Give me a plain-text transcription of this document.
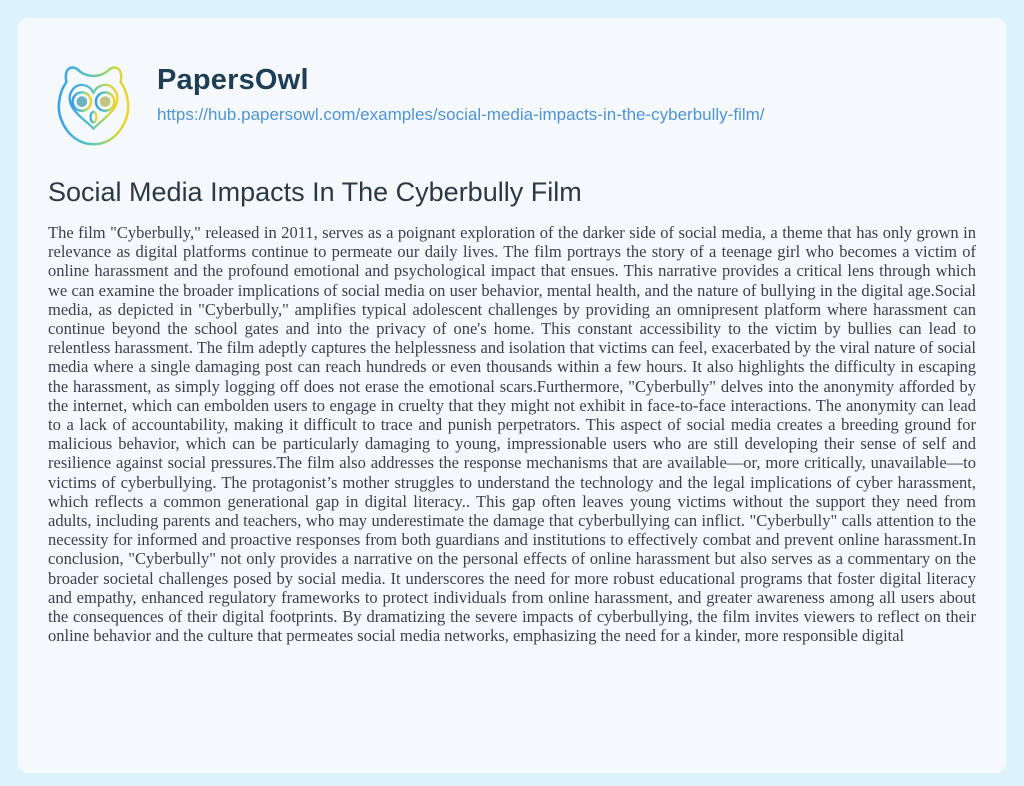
PapersOwl
https://hub.papersowl.com/examples/social-media-impacts-in-the-cyberbully-film/
Social Media Impacts In The Cyberbully Film

The film "Cyberbully," released in 2011, serves as a poignant exploration of the darker side of social media, a theme that has only grown in relevance as digital platforms continue to permeate our daily lives. The film portrays the story of a teenage girl who becomes a victim of online harassment and the profound emotional and psychological impact that ensues. This narrative provides a critical lens through which we can examine the broader implications of social media on user behavior, mental health, and the nature of bullying in the digital age.Social media, as depicted in "Cyberbully," amplifies typical adolescent challenges by providing an omnipresent platform where harassment can continue beyond the school gates and into the privacy of one's home. This constant accessibility to the victim by bullies can lead to relentless harassment. The film adeptly captures the helplessness and isolation that victims can feel, exacerbated by the viral nature of social media where a single damaging post can reach hundreds or even thousands within a few hours. It also highlights the difficulty in escaping the harassment, as simply logging off does not erase the emotional scars.Furthermore, "Cyberbully" delves into the anonymity afforded by the internet, which can embolden users to engage in cruelty that they might not exhibit in face-to-face interactions. The anonymity can lead to a lack of accountability, making it difficult to trace and punish perpetrators. This aspect of social media creates a breeding ground for malicious behavior, which can be particularly damaging to young, impressionable users who are still developing their sense of self and resilience against social pressures.The film also addresses the response mechanisms that are available—or, more critically, unavailable—to victims of cyberbullying. The protagonist’s mother struggles to understand the technology and the legal implications of cyber harassment, which reflects a common generational gap in digital literacy.. This gap often leaves young victims without the support they need from adults, including parents and teachers, who may underestimate the damage that cyberbullying can inflict. "Cyberbully" calls attention to the necessity for informed and proactive responses from both guardians and institutions to effectively combat and prevent online harassment.In conclusion, "Cyberbully" not only provides a narrative on the personal effects of online harassment but also serves as a commentary on the broader societal challenges posed by social media. It underscores the need for more robust educational programs that foster digital literacy and empathy, enhanced regulatory frameworks to protect individuals from online harassment, and greater awareness among all users about the consequences of their digital footprints. By dramatizing the severe impacts of cyberbullying, the film invites viewers to reflect on their online behavior and the culture that permeates social media networks, emphasizing the need for a kinder, more responsible digital
